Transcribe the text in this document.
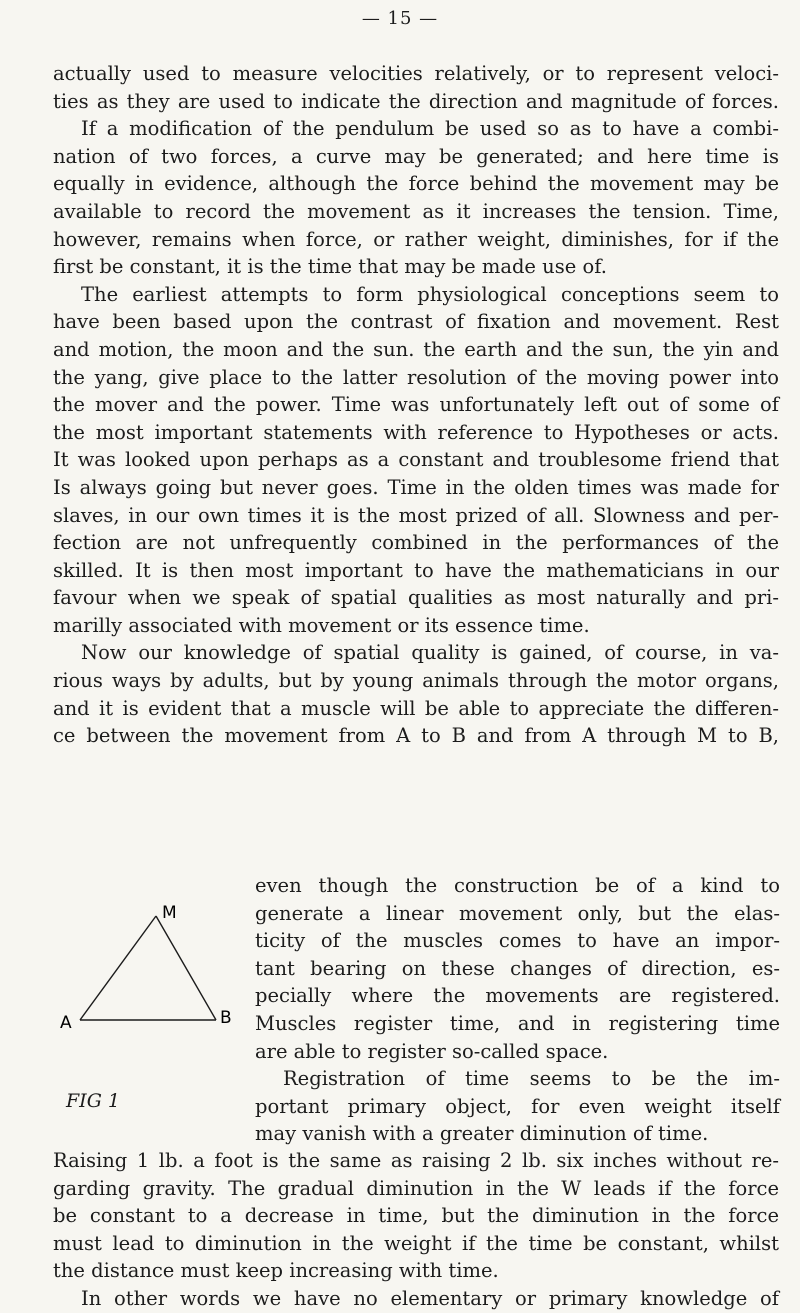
— 15 —
actually used to measure velocities relatively, or to represent veloci-
ties as they are used to indicate the direction and magnitude of forces.
If a modification of the pendulum be used so as to have a combi-
nation of two forces, a curve may be generated; and here time is
equally in evidence, although the force behind the movement may be
available to record the movement as it increases the tension. Time,
however, remains when force, or rather weight, diminishes, for if the
first be constant, it is the time that may be made use of.
The earliest attempts to form physiological conceptions seem to
have been based upon the contrast of fixation and movement. Rest
and motion, the moon and the sun. the earth and the sun, the yin and
the yang, give place to the latter resolution of the moving power into
the mover and the power. Time was unfortunately left out of some of
the most important statements with reference to Hypotheses or acts.
It was looked upon perhaps as a constant and troublesome friend that
Is always going but never goes. Time in the olden times was made for
slaves, in our own times it is the most prized of all. Slowness and per-
fection are not unfrequently combined in the performances of the
skilled. It is then most important to have the mathematicians in our
favour when we speak of spatial qualities as most naturally and pri-
marilly associated with movement or its essence time.
Now our knowledge of spatial quality is gained, of course, in va-
rious ways by adults, but by young animals through the motor organs,
and it is evident that a muscle will be able to appreciate the differen-
ce between the movement from A to B and from A through M to B,
A	B
M
FIG 1
even though the construction be of a kind to
generate a linear movement only, but the elas-
ticity of the muscles comes to have an impor-
tant bearing on these changes of direction, es-
pecially where the movements are registered.
Muscles register time, and in registering time
are able to register so-called space.
Registration of time seems to be the im-
portant primary object, for even weight itself
may vanish with a greater diminution of time.
Raising 1 lb. a foot is the same as raising 2 lb. six inches without re-
garding gravity. The gradual diminution in the W leads if the force
be constant to a decrease in time, but the diminution in the force
must lead to diminution in the weight if the time be constant, whilst
the distance must keep increasing with time.
In other words we have no elementary or primary knowledge of
